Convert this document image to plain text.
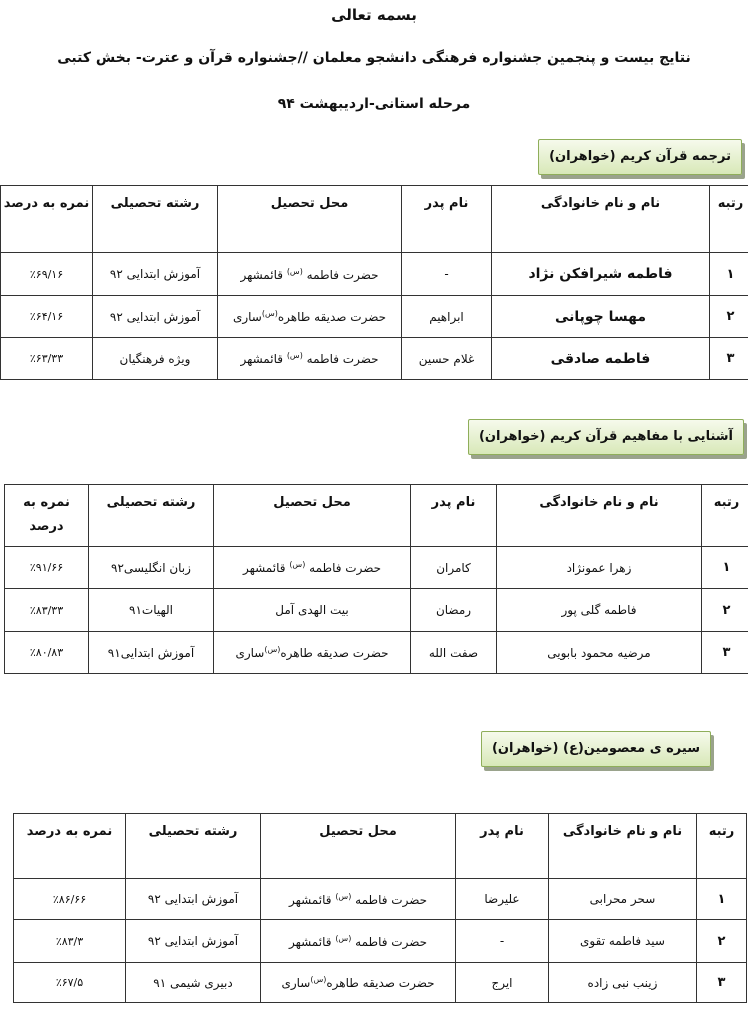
بسمه تعالی
نتایج بیست و پنجمین جشنواره فرهنگی دانشجو معلمان //جشنواره قرآن و عترت- بخش کتبی
مرحله استانی-اردیبهشت ۹۴
ترجمه قرآن کریم (خواهران)
رتبه	نام و نام خانوادگی	نام پدر	محل تحصیل	رشته تحصیلی	نمره به درصد
۱	فاطمه شیرافکن نژاد	-	حضرت فاطمه $^{(س)}$ قائمشهر	آموزش ابتدایی ۹۲	٪۶۹/۱۶
۲	مهسا چوپانی	ابراهیم	حضرت صدیقه طاهره$^{(س)}$ساری	آموزش ابتدایی ۹۲	٪۶۴/۱۶
۳	فاطمه صادقی	غلام حسین	حضرت فاطمه $^{(س)}$ قائمشهر	ویژه فرهنگیان	٪۶۳/۳۳
آشنایی با مفاهیم قرآن کریم (خواهران)
رتبه	نام و نام خانوادگی	نام پدر	محل تحصیل	رشته تحصیلی	نمره به درصد
۱	زهرا عمونژاد	کامران	حضرت فاطمه $^{(س)}$ قائمشهر	زبان انگلیسی۹۲	٪۹۱/۶۶
۲	فاطمه گلی پور	رمضان	بیت الهدی آمل	الهیات۹۱	٪۸۳/۳۳
۳	مرضیه محمود بابویی	صفت الله	حضرت صدیقه طاهره$^{(س)}$ساری	آموزش ابتدایی۹۱	٪۸۰/۸۳
سیره ی معصومین(ع) (خواهران)
رتبه	نام و نام خانوادگی	نام پدر	محل تحصیل	رشته تحصیلی	نمره به درصد
۱	سحر محرابی	علیرضا	حضرت فاطمه $^{(س)}$ قائمشهر	آموزش ابتدایی ۹۲	٪۸۶/۶۶
۲	سید فاطمه تقوی	-	حضرت فاطمه $^{(س)}$ قائمشهر	آموزش ابتدایی ۹۲	٪۸۳/۳
۳	زینب نبی زاده	ایرج	حضرت صدیقه طاهره$^{(س)}$ساری	دبیری شیمی ۹۱	٪۶۷/۵
